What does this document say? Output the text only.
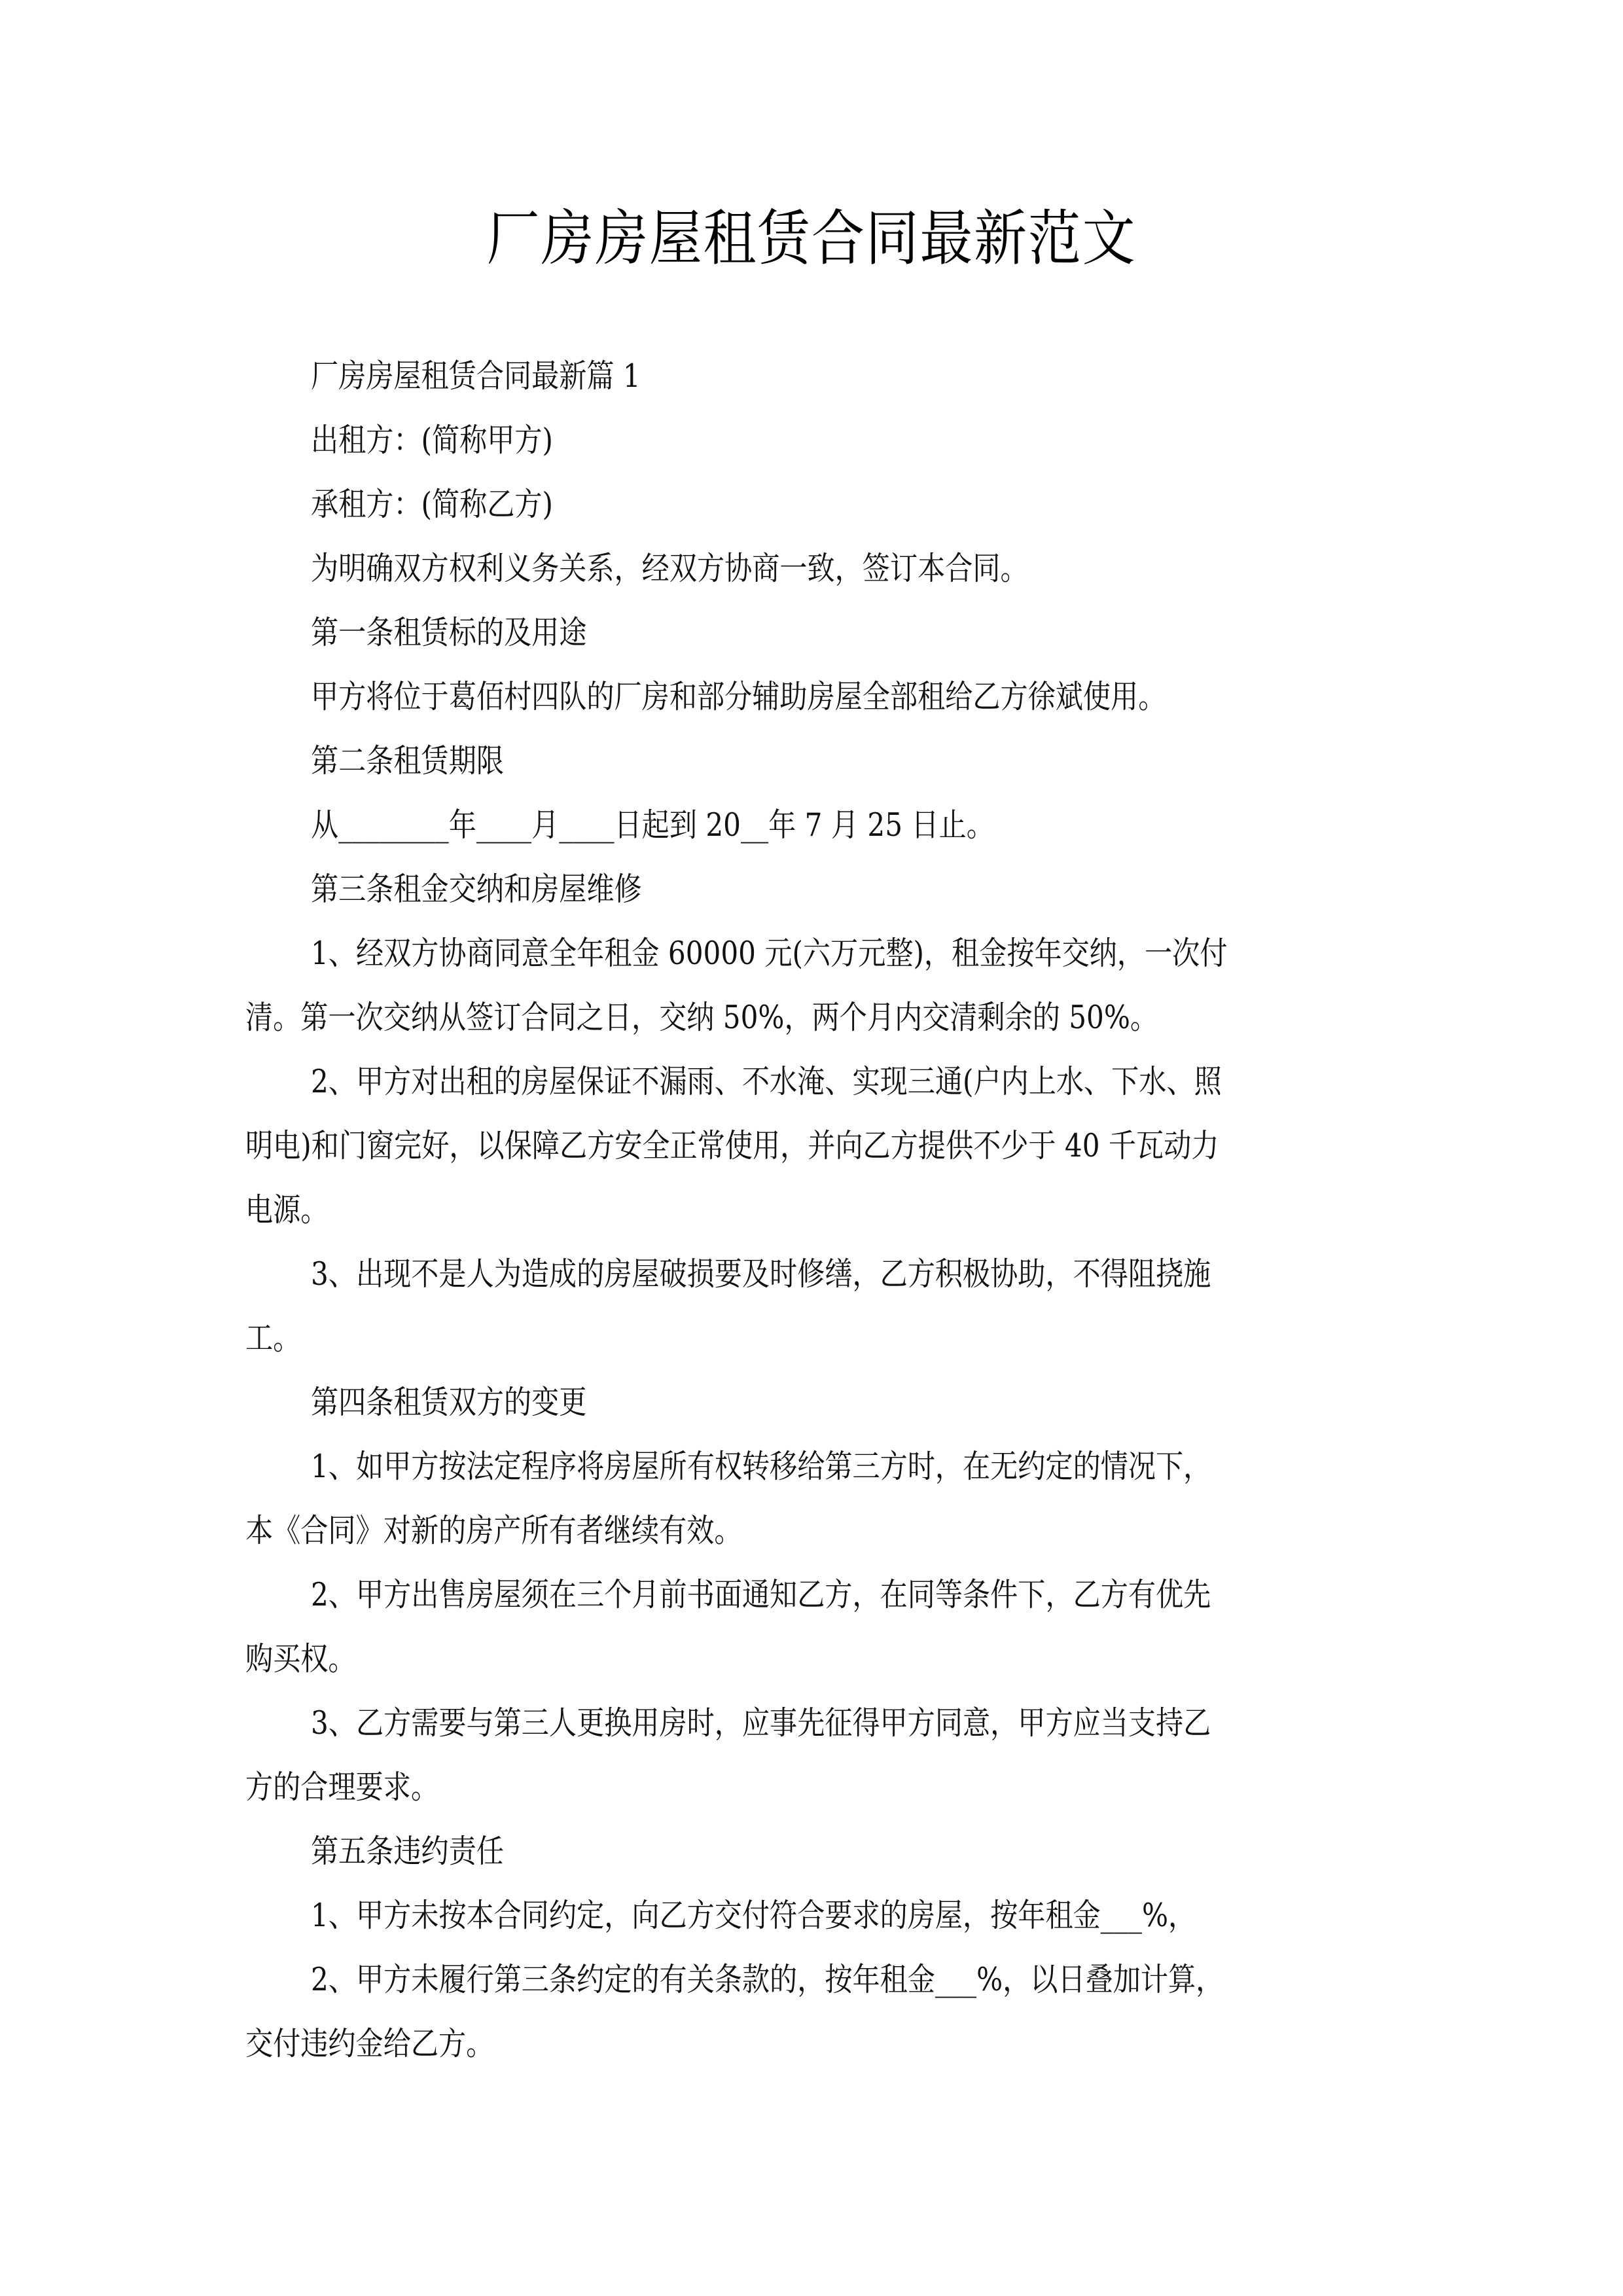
厂房房屋租赁合同最新范文
厂房房屋租赁合同最新篇 1
出租方：(简称甲方)
承租方：(简称乙方)
为明确双方权利义务关系，经双方协商一致，签订本合同。
第一条租赁标的及用途
甲方将位于葛佰村四队的厂房和部分辅助房屋全部租给乙方徐斌使用。
第二条租赁期限
从________年____月____日起到 20__年 7 月 25 日止。
第三条租金交纳和房屋维修
1、经双方协商同意全年租金 60000 元(六万元整)，租金按年交纳，一次付
清。第一次交纳从签订合同之日，交纳 50%，两个月内交清剩余的 50%。
2、甲方对出租的房屋保证不漏雨、不水淹、实现三通(户内上水、下水、照
明电)和门窗完好，以保障乙方安全正常使用，并向乙方提供不少于 40 千瓦动力
电源。
3、出现不是人为造成的房屋破损要及时修缮，乙方积极协助，不得阻挠施
工。
第四条租赁双方的变更
1、如甲方按法定程序将房屋所有权转移给第三方时，在无约定的情况下，
本《合同》对新的房产所有者继续有效。
2、甲方出售房屋须在三个月前书面通知乙方，在同等条件下，乙方有优先
购买权。
3、乙方需要与第三人更换用房时，应事先征得甲方同意，甲方应当支持乙
方的合理要求。
第五条违约责任
1、甲方未按本合同约定，向乙方交付符合要求的房屋，按年租金___%，
2、甲方未履行第三条约定的有关条款的，按年租金___%，以日叠加计算，
交付违约金给乙方。
